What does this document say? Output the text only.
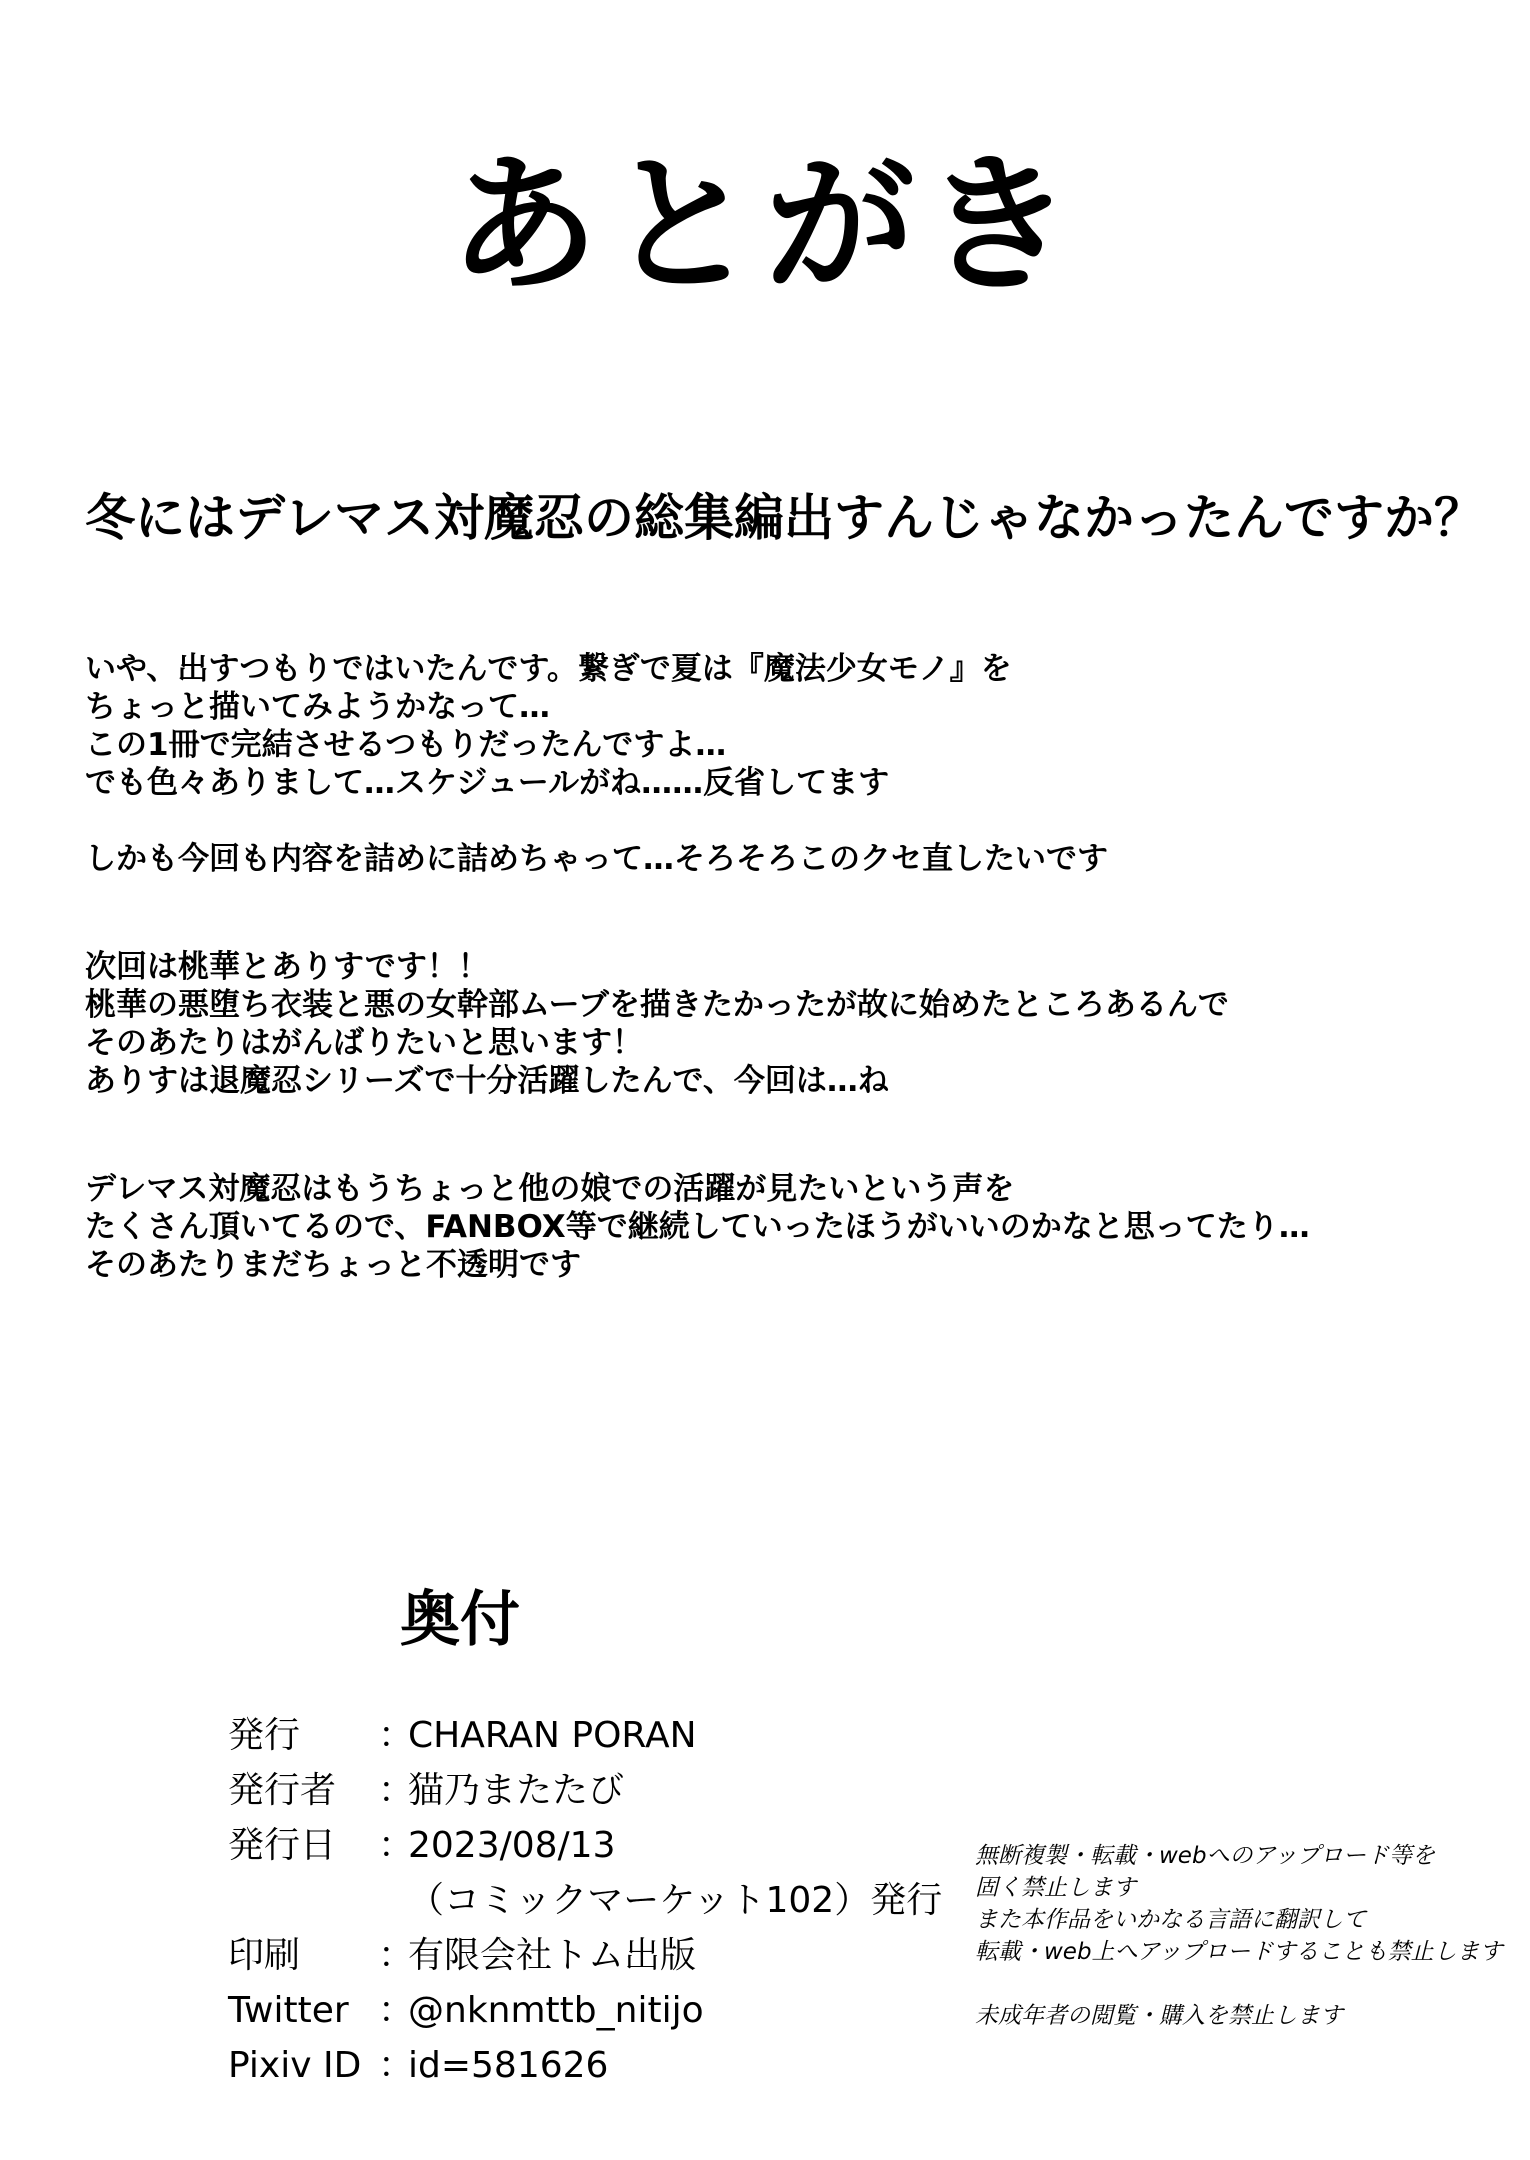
あとがき

冬にはデレマス対魔忍の総集編出すんじゃなかったんですか？

いや、出すつもりではいたんです。繋ぎで夏は『魔法少女モノ』を
ちょっと描いてみようかなって…
この1冊で完結させるつもりだったんですよ…
でも色々ありまして…スケジュールがね……反省してます
しかも今回も内容を詰めに詰めちゃって…そろそろこのクセ直したいです
次回は桃華とありすです！！
桃華の悪堕ち衣装と悪の女幹部ムーブを描きたかったが故に始めたところあるんで
そのあたりはがんばりたいと思います！
ありすは退魔忍シリーズで十分活躍したんで、今回は…ね
デレマス対魔忍はもうちょっと他の娘での活躍が見たいという声を
たくさん頂いてるので、FANBOX等で継続していったほうがいいのかなと思ってたり…
そのあたりまだちょっと不透明です
奥付
発行	：
CHARAN PORAN
発行者	：
猫乃またたび
発行日	：
2023/08/13
（コミックマーケット102）発行
印刷	：
有限会社トム出版
Twitter ：
@nknmttb_nitijo
Pixiv ID ：
id=581626
無断複製・転載・webへのアップロード等を
固く禁止します
また本作品をいかなる言語に翻訳して
転載・web上へアップロードすることも禁止します
未成年者の閲覧・購入を禁止します
